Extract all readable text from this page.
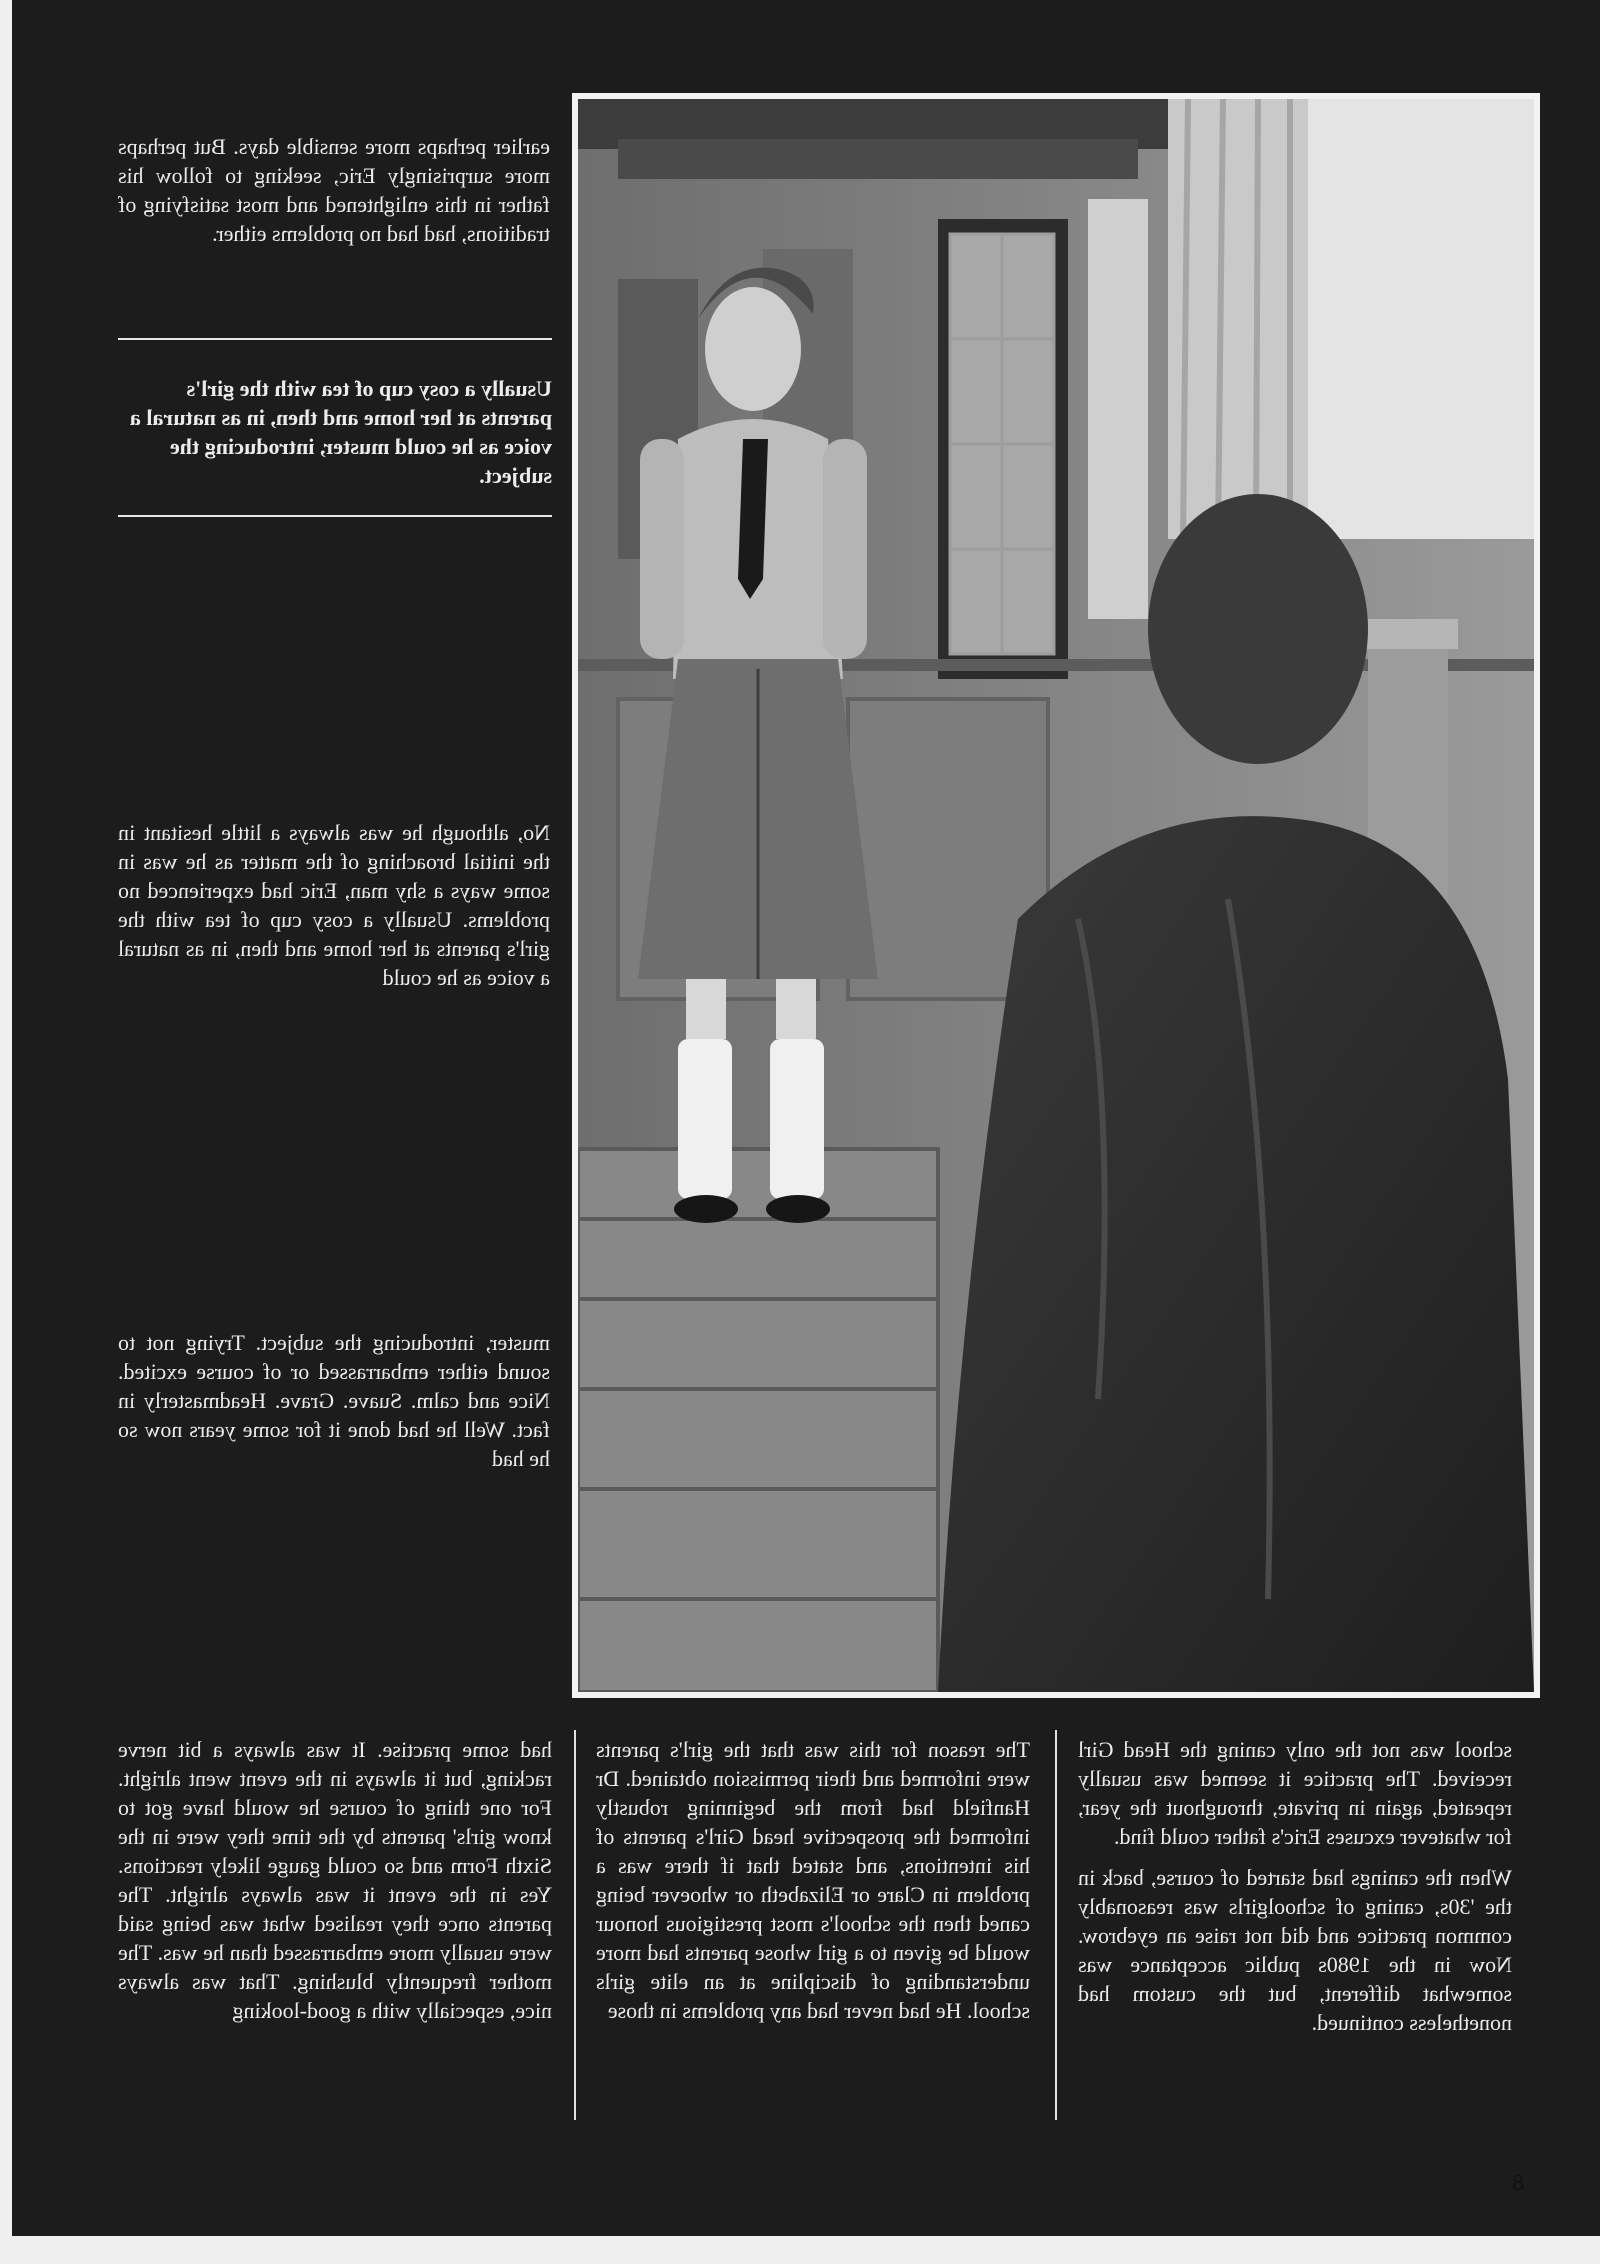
earlier perhaps more sensible days. But perhaps more surprisingly Eric, seeking to follow his father in this enlightened and most satisfying of traditions, had had no problems either.

Usually a cosy cup of tea with the girl's parents at her home and then, in as natural a voice as he could muster, introducing the subject.

No, although he was always a little hesitant in the initial broaching of the matter as he was in some ways a shy man, Eric had experienced no problems. Usually a cosy cup of tea with the girl's parents at her home and then, in as natural a voice as he could

muster, introducing the subject. Trying not to sound either embarrassed or of course excited. Nice and calm. Suave. Grave. Headmasterly in fact. Well he had done it for some years now so he had

had some practise. It was always a bit nerve racking, but it always in the event went alright. For one thing of course he would have got to know girls' parents by the time they were in the Sixth Form and so could gauge likely reactions. Yes in the event it was always alright. The parents once they realised what was being said were usually more embarrassed than he was. The mother frequently blushing. That was always nice, especially with a good-looking

The reason for this was that the girl's parents were informed and their permission obtained. Dr Hanfield had from the beginning robustly informed the prospective head Girl's parents of his intentions, and stated that if there was a problem in Clare or Elizabeth or whoever being caned then the school's most prestigious honour would be given to a girl whose parents had more understanding of discipline at an elite girls school. He had never had any problems in those

school was not the only caning the Head Girl received. The practice it seemed was usually repeated, again in private, throughout the year, for whatever excuses Eric's father could find.

When the canings had started of course, back in the '30s, caning of schoolgirls was reasonably common practice and did not raise an eyebrow. Now in the 1980s public acceptance was somewhat different, but the custom had nonetheless continued.

8
